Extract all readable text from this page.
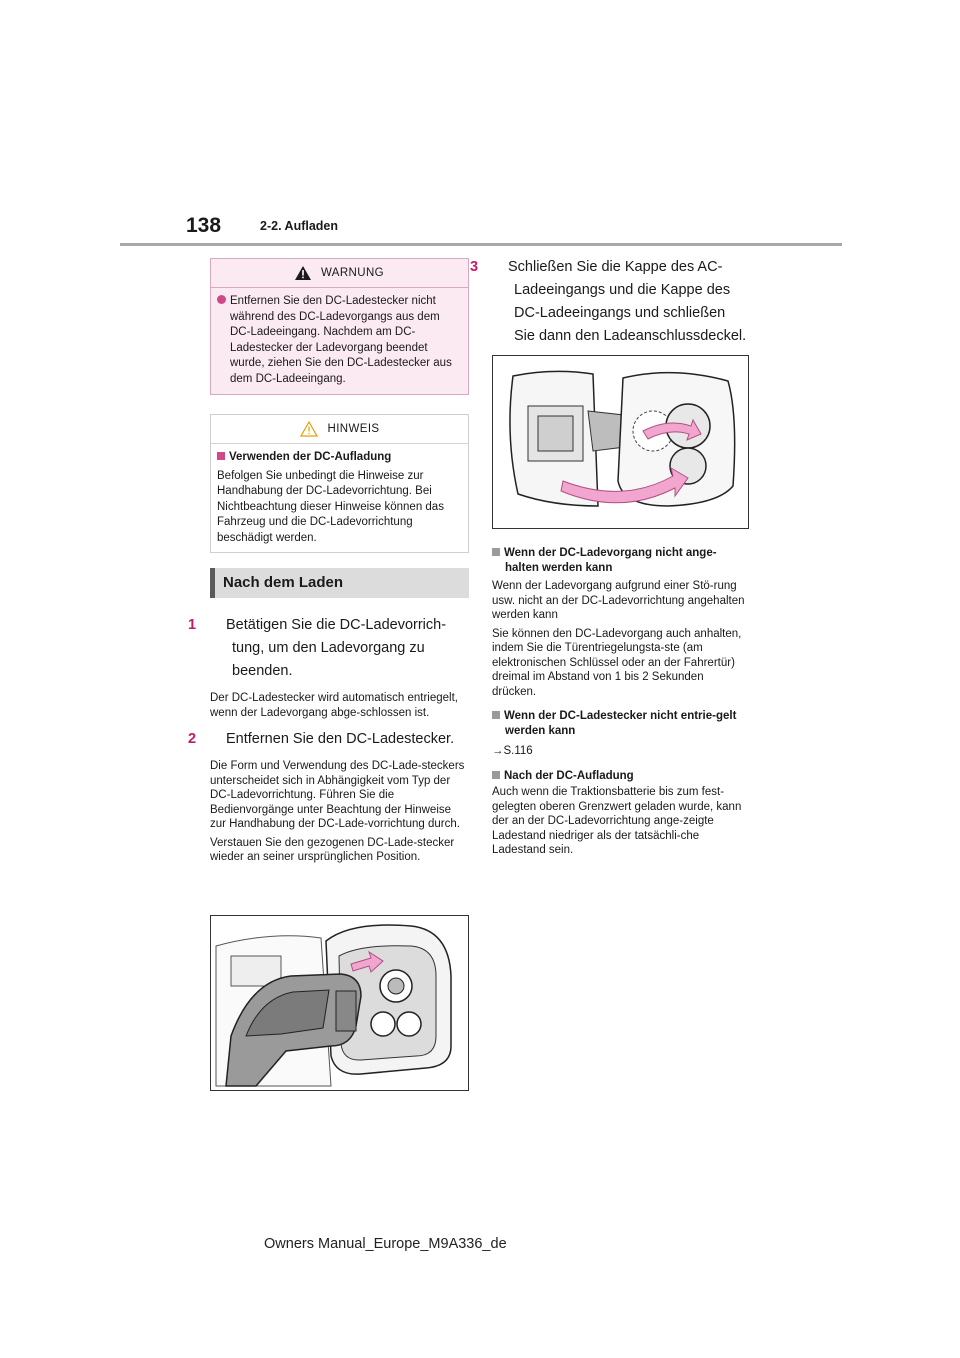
138	2-2. Aufladen
WARNUNG
Entfernen Sie den DC-Ladestecker nicht während des DC-Ladevorgangs aus dem DC-Ladeeingang. Nachdem am DC-Ladestecker der Ladevorgang beendet wurde, ziehen Sie den DC-Ladestecker aus dem DC-Ladeeingang.
HINWEIS
Verwenden der DC-Aufladung
Befolgen Sie unbedingt die Hinweise zur Handhabung der DC-Ladevorrichtung. Bei Nichtbeachtung dieser Hinweise können das Fahrzeug und die DC-Ladevorrichtung beschädigt werden.
Nach dem Laden
1 Betätigen Sie die DC-Ladevorrich-tung, um den Ladevorgang zu beenden.
Der DC-Ladestecker wird automatisch entriegelt, wenn der Ladevorgang abge-schlossen ist.
2 Entfernen Sie den DC-Ladestecker.
Die Form und Verwendung des DC-Lade-steckers unterscheidet sich in Abhängigkeit vom Typ der DC-Ladevorrichtung. Führen Sie die Bedienvorgänge unter Beachtung der Hinweise zur Handhabung der DC-Lade-vorrichtung durch.
Verstauen Sie den gezogenen DC-Lade-stecker wieder an seiner ursprünglichen Position.
3 Schließen Sie die Kappe des AC-Ladeeingangs und die Kappe des DC-Ladeeingangs und schließen Sie dann den Ladeanschlussdeckel.
Wenn der DC-Ladevorgang nicht ange-halten werden kann
Wenn der Ladevorgang aufgrund einer Stö-rung usw. nicht an der DC-Ladevorrichtung angehalten werden kann
Sie können den DC-Ladevorgang auch anhalten, indem Sie die Türentriegelungsta-ste (am elektronischen Schlüssel oder an der Fahrertür) dreimal im Abstand von 1 bis 2 Sekunden drücken.
Wenn der DC-Ladestecker nicht entrie-gelt werden kann
→S.116
Nach der DC-Aufladung
Auch wenn die Traktionsbatterie bis zum fest-gelegten oberen Grenzwert geladen wurde, kann der an der DC-Ladevorrichtung ange-zeigte Ladestand niedriger als der tatsächli-che Ladestand sein.
Owners Manual_Europe_M9A336_de
